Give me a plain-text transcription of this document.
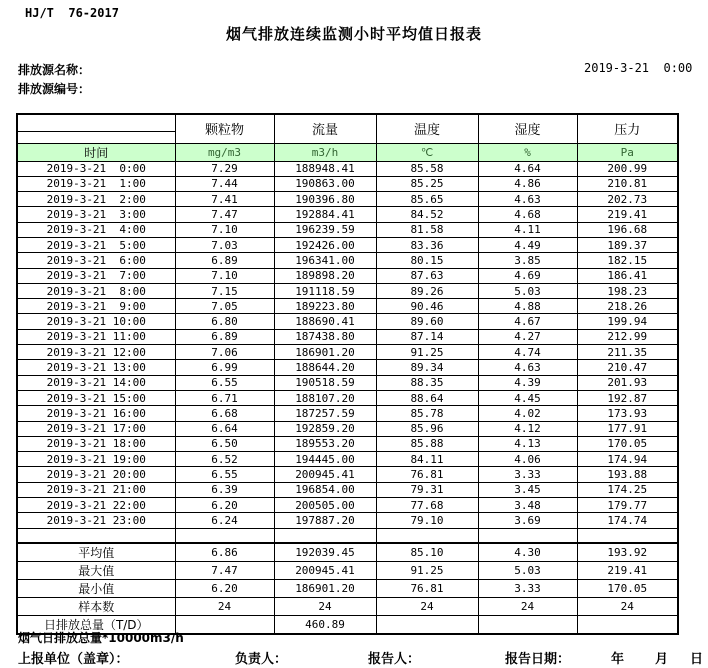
HJ/T  76-2017
烟气排放连续监测小时平均值日报表
排放源名称：	2019-3-21  0:00
排放源编号：
	颗粒物	流量	温度	湿度	压力

时间	mg/m3	m3/h	℃	%	Pa
2019-3-21  0:00	7.29	188948.41	85.58	4.64	200.99
2019-3-21  1:00	7.44	190863.00	85.25	4.86	210.81
2019-3-21  2:00	7.41	190396.80	85.65	4.63	202.73
2019-3-21  3:00	7.47	192884.41	84.52	4.68	219.41
2019-3-21  4:00	7.10	196239.59	81.58	4.11	196.68
2019-3-21  5:00	7.03	192426.00	83.36	4.49	189.37
2019-3-21  6:00	6.89	196341.00	80.15	3.85	182.15
2019-3-21  7:00	7.10	189898.20	87.63	4.69	186.41
2019-3-21  8:00	7.15	191118.59	89.26	5.03	198.23
2019-3-21  9:00	7.05	189223.80	90.46	4.88	218.26
2019-3-21 10:00	6.80	188690.41	89.60	4.67	199.94
2019-3-21 11:00	6.89	187438.80	87.14	4.27	212.99
2019-3-21 12:00	7.06	186901.20	91.25	4.74	211.35
2019-3-21 13:00	6.99	188644.20	89.34	4.63	210.47
2019-3-21 14:00	6.55	190518.59	88.35	4.39	201.93
2019-3-21 15:00	6.71	188107.20	88.64	4.45	192.87
2019-3-21 16:00	6.68	187257.59	85.78	4.02	173.93
2019-3-21 17:00	6.64	192859.20	85.96	4.12	177.91
2019-3-21 18:00	6.50	189553.20	85.88	4.13	170.05
2019-3-21 19:00	6.52	194445.00	84.11	4.06	174.94
2019-3-21 20:00	6.55	200945.41	76.81	3.33	193.88
2019-3-21 21:00	6.39	196854.00	79.31	3.45	174.25
2019-3-21 22:00	6.20	200505.00	77.68	3.48	179.77
2019-3-21 23:00	6.24	197887.20	79.10	3.69	174.74

平均值	6.86	192039.45	85.10	4.30	193.92
最大值	7.47	200945.41	91.25	5.03	219.41
最小值	6.20	186901.20	76.81	3.33	170.05
样本数	24	24	24	24	24
日排放总量（T/D）		460.89			
烟气日排放总量*10000m3/h
上报单位（盖章）：	负责人：	报告人：	报告日期：	年 月 日
